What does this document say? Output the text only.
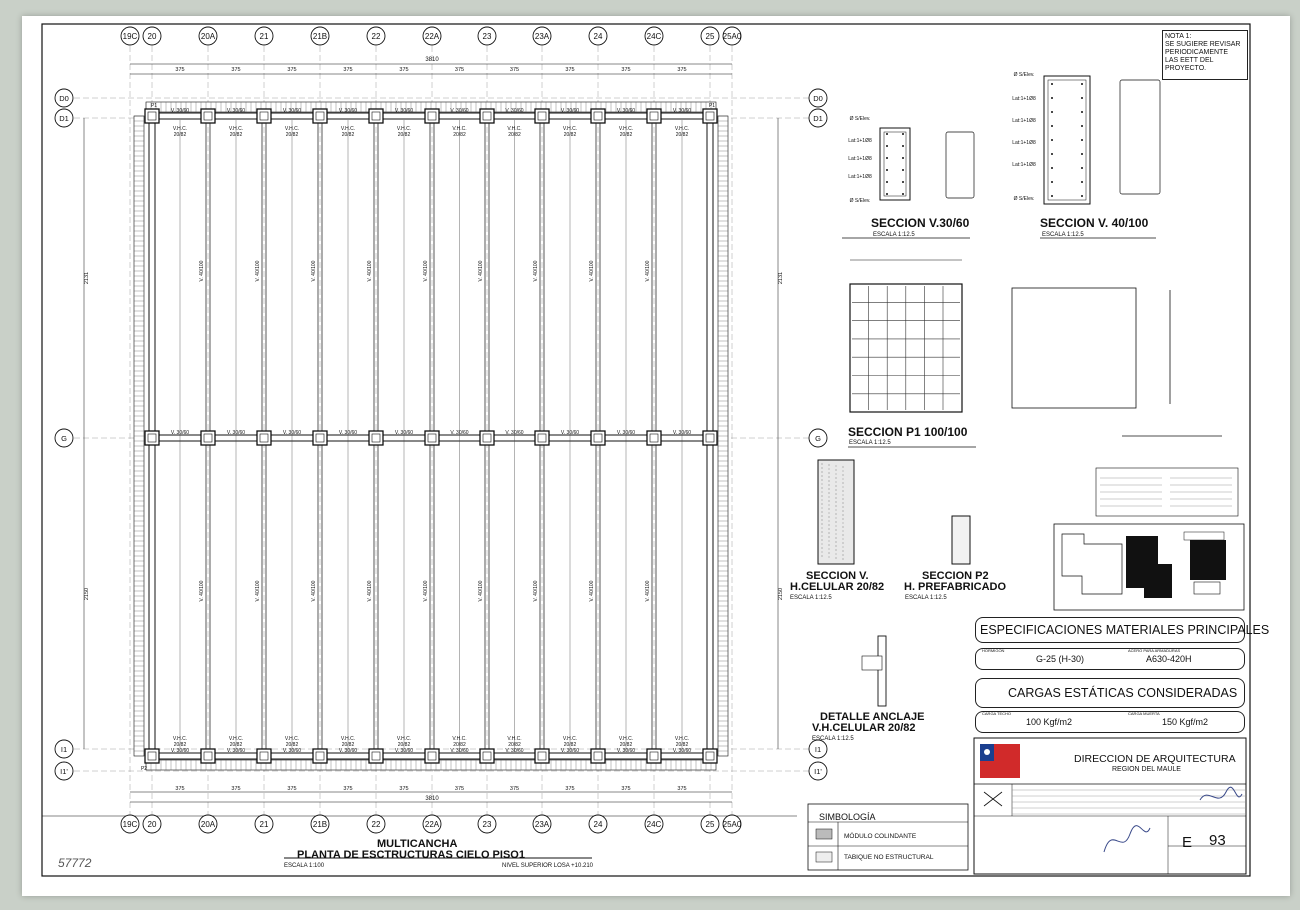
19C
19C
20
20
20A
20A
21
21
21B
21B
22
22
22A
22A
23
23
23A
23A
24
24
24C
24C
25
25
25A0
25A0
D0	D0
D1	D1
G	G
I1	I1
I1'	I1'
3810
375	375	375	375	375	375	375	375	375	375
3810
375	375	375	375	375	375	375	375	375	375
2131
2150
2131
2150
V. 30/60
V. 30/60
V. 30/60
V.H.C.
20/82
V.H.C.
20/82
V. 30/60
V. 30/60
V. 30/60
V.H.C.
20/82
V.H.C.
20/82
V. 30/60
V. 30/60
V. 30/60
V.H.C.
20/82
V.H.C.
20/82
V. 30/60
V. 30/60
V. 30/60
V.H.C.
20/82
V.H.C.
20/82
V. 30/60
V. 30/60
V. 30/60
V.H.C.
20/82
V.H.C.
20/82
V. 30/60
V. 30/60
V. 30/60
V.H.C.
20/82
V.H.C.
20/82
V. 30/60
V. 30/60
V. 30/60
V.H.C.
20/82
V.H.C.
20/82
V. 30/60
V. 30/60
V. 30/60
V.H.C.
20/82
V.H.C.
20/82
V. 30/60
V. 30/60
V. 30/60
V.H.C.
20/82
V.H.C.
20/82
V. 30/60
V. 30/60
V. 30/60
V.H.C.
20/82
V.H.C.
20/82
V. 40/100
V. 40/100
V. 40/100
V. 40/100
V. 40/100
V. 40/100
V. 40/100
V. 40/100
V. 40/100
V. 40/100
V. 40/100
V. 40/100
V. 40/100
V. 40/100
V. 40/100
V. 40/100
V. 40/100
V. 40/100
P1	P1
P2
Ø S/Elev.
Lat:1+1Ø8
Lat:1+1Ø8
Lat:1+1Ø8
Ø S/Elev.
Ø S/Elev.
Lat:1+1Ø8
Lat:1+1Ø8
Lat:1+1Ø8
Lat:1+1Ø8
Ø S/Elev.
NOTA 1:
SE SUGIERE REVISAR
PERIODICAMENTE
LAS EETT DEL
PROYECTO.
SECCION V.30/60
ESCALA 1:12.5
SECCION V. 40/100
ESCALA 1:12.5
SECCION P1 100/100
ESCALA 1:12.5
SECCION V.
H.CELULAR 20/82
ESCALA 1:12.5
SECCION P2
H. PREFABRICADO
ESCALA 1:12.5
DETALLE ANCLAJE
V.H.CELULAR 20/82
ESCALA 1:12.5
ESPECIFICACIONES MATERIALES PRINCIPALES
HORMIGON	ACERO PARA ARMADURAS
G-25 (H-30)	A630-420H
CARGAS ESTÁTICAS CONSIDERADAS
CARGA TECHO	CARGA MUERTA
100 Kgf/m2	150 Kgf/m2
DIRECCION DE ARQUITECTURA
REGION DEL MAULE
E 93
MULTICANCHA
PLANTA DE ESCTRUCTURAS CIELO PISO1
ESCALA 1:100	NIVEL SUPERIOR LOSA +10.210
57772
SIMBOLOGÍA
MÓDULO COLINDANTE
TABIQUE NO ESTRUCTURAL
